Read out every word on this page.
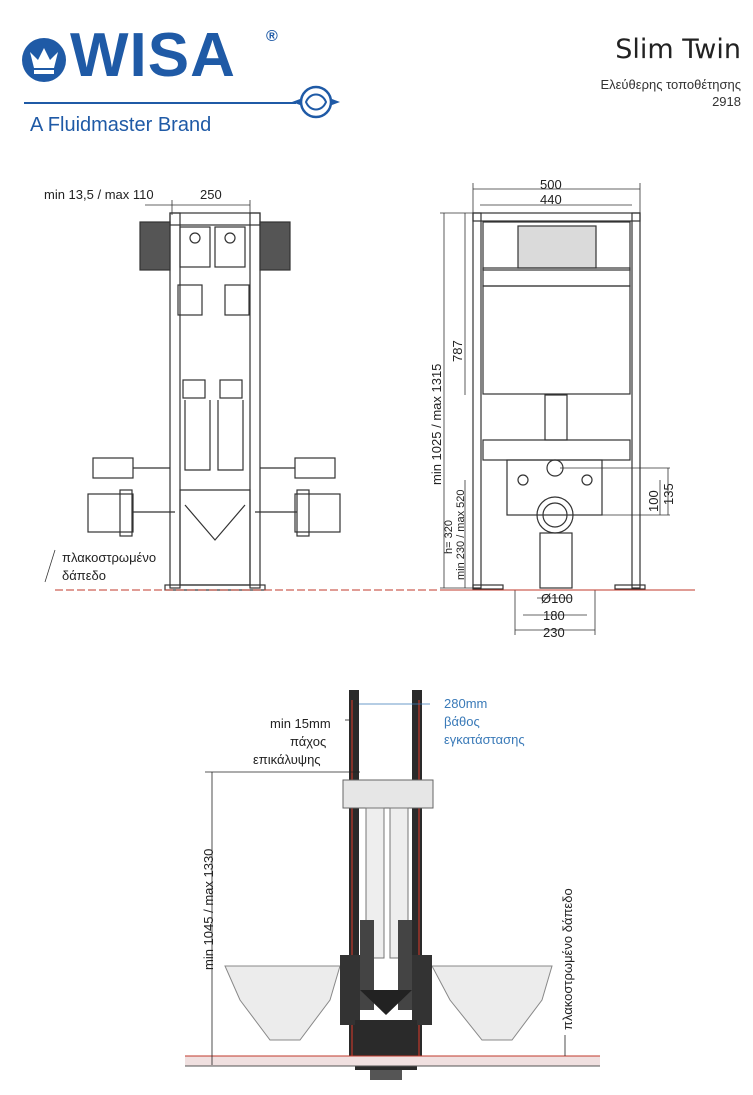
WISA ®
A Fluidmaster Brand
Slim Twin
Ελεύθερης τοποθέτησης
2918
min 13,5 / max 110	250
πλακοστρωμένο
δάπεδο
500
440
min 1025 / max 1315
787
h= 320 min 230 / max 520	100 135
Ø100
180
230
280mm
βάθος
εγκατάστασης
min 15mm
πάχος
επικάλυψης
min 1045 / max 1330	πλακοστρωμένο δάπεδο
